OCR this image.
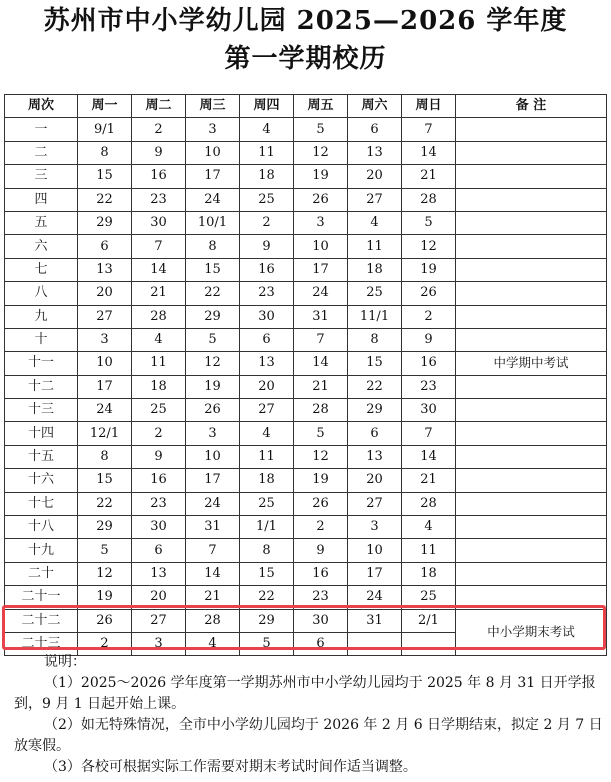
苏州市中小学幼儿园 2025—2026 学年度
第一学期校历
周次	周一	周二	周三	周四	周五	周六	周日	备 注
一	9/1	2	3	4	5	6	7	
二	8	9	10	11	12	13	14	
三	15	16	17	18	19	20	21	
四	22	23	24	25	26	27	28	
五	29	30	10/1	2	3	4	5	
六	6	7	8	9	10	11	12	
七	13	14	15	16	17	18	19	
八	20	21	22	23	24	25	26	
九	27	28	29	30	31	11/1	2	
十	3	4	5	6	7	8	9	
十一	10	11	12	13	14	15	16	中学期中考试
十二	17	18	19	20	21	22	23	
十三	24	25	26	27	28	29	30	
十四	12/1	2	3	4	5	6	7	
十五	8	9	10	11	12	13	14	
十六	15	16	17	18	19	20	21	
十七	22	23	24	25	26	27	28	
十八	29	30	31	1/1	2	3	4	
十九	5	6	7	8	9	10	11	
二十	12	13	14	15	16	17	18	
二十一	19	20	21	22	23	24	25	
二十二	26	27	28	29	30	31	2/1	中小学期末考试
二十三	2	3	4	5	6			
说明：
（1）2025～2026 学年度第一学期苏州市中小学幼儿园均于 2025 年 8 月 31 日开学报到，9 月 1 日起开始上课。
（2）如无特殊情况，全市中小学幼儿园均于 2026 年 2 月 6 日学期结束，拟定 2 月 7 日放寒假。
（3）各校可根据实际工作需要对期末考试时间作适当调整。
